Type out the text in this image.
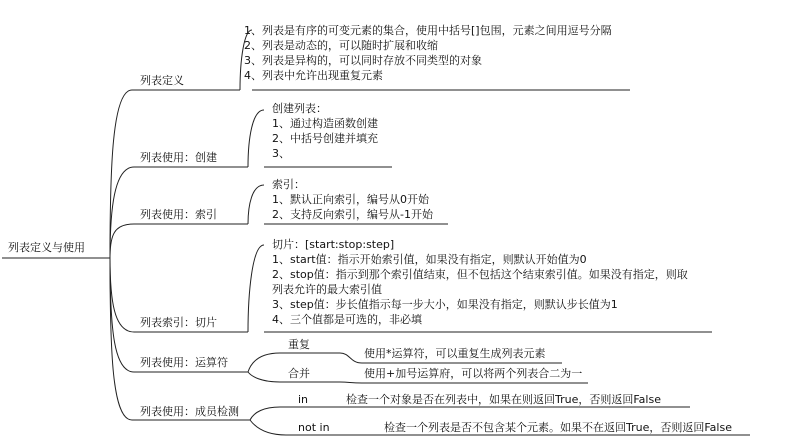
列表定义与使用
列表定义
列表使用：创建
列表使用：索引
列表索引：切片
列表使用：运算符
列表使用：成员检测
1、列表是有序的可变元素的集合，使用中括号[]包围，元素之间用逗号分隔
2、列表是动态的，可以随时扩展和收缩
3、列表是异构的，可以同时存放不同类型的对象
4、列表中允许出现重复元素
创建列表：
1、通过构造函数创建
2、中括号创建并填充
3、
索引：
1、默认正向索引，编号从0开始
2、支持反向索引，编号从-1开始
切片：[start:stop:step]
1、start值：指示开始索引值，如果没有指定，则默认开始值为0
2、stop值：指示到那个索引值结束，但不包括这个结束索引值。如果没有指定，则取
列表允许的最大索引值
3、step值：步长值指示每一步大小，如果没有指定，则默认步长值为1
4、三个值都是可选的，非必填
重复
使用*运算符，可以重复生成列表元素
合并	使用+加号运算府，可以将两个列表合二为一
in	检查一个对象是否在列表中，如果在则返回True，否则返回False
not in	检查一个列表是否不包含某个元素。如果不在返回True，否则返回False
